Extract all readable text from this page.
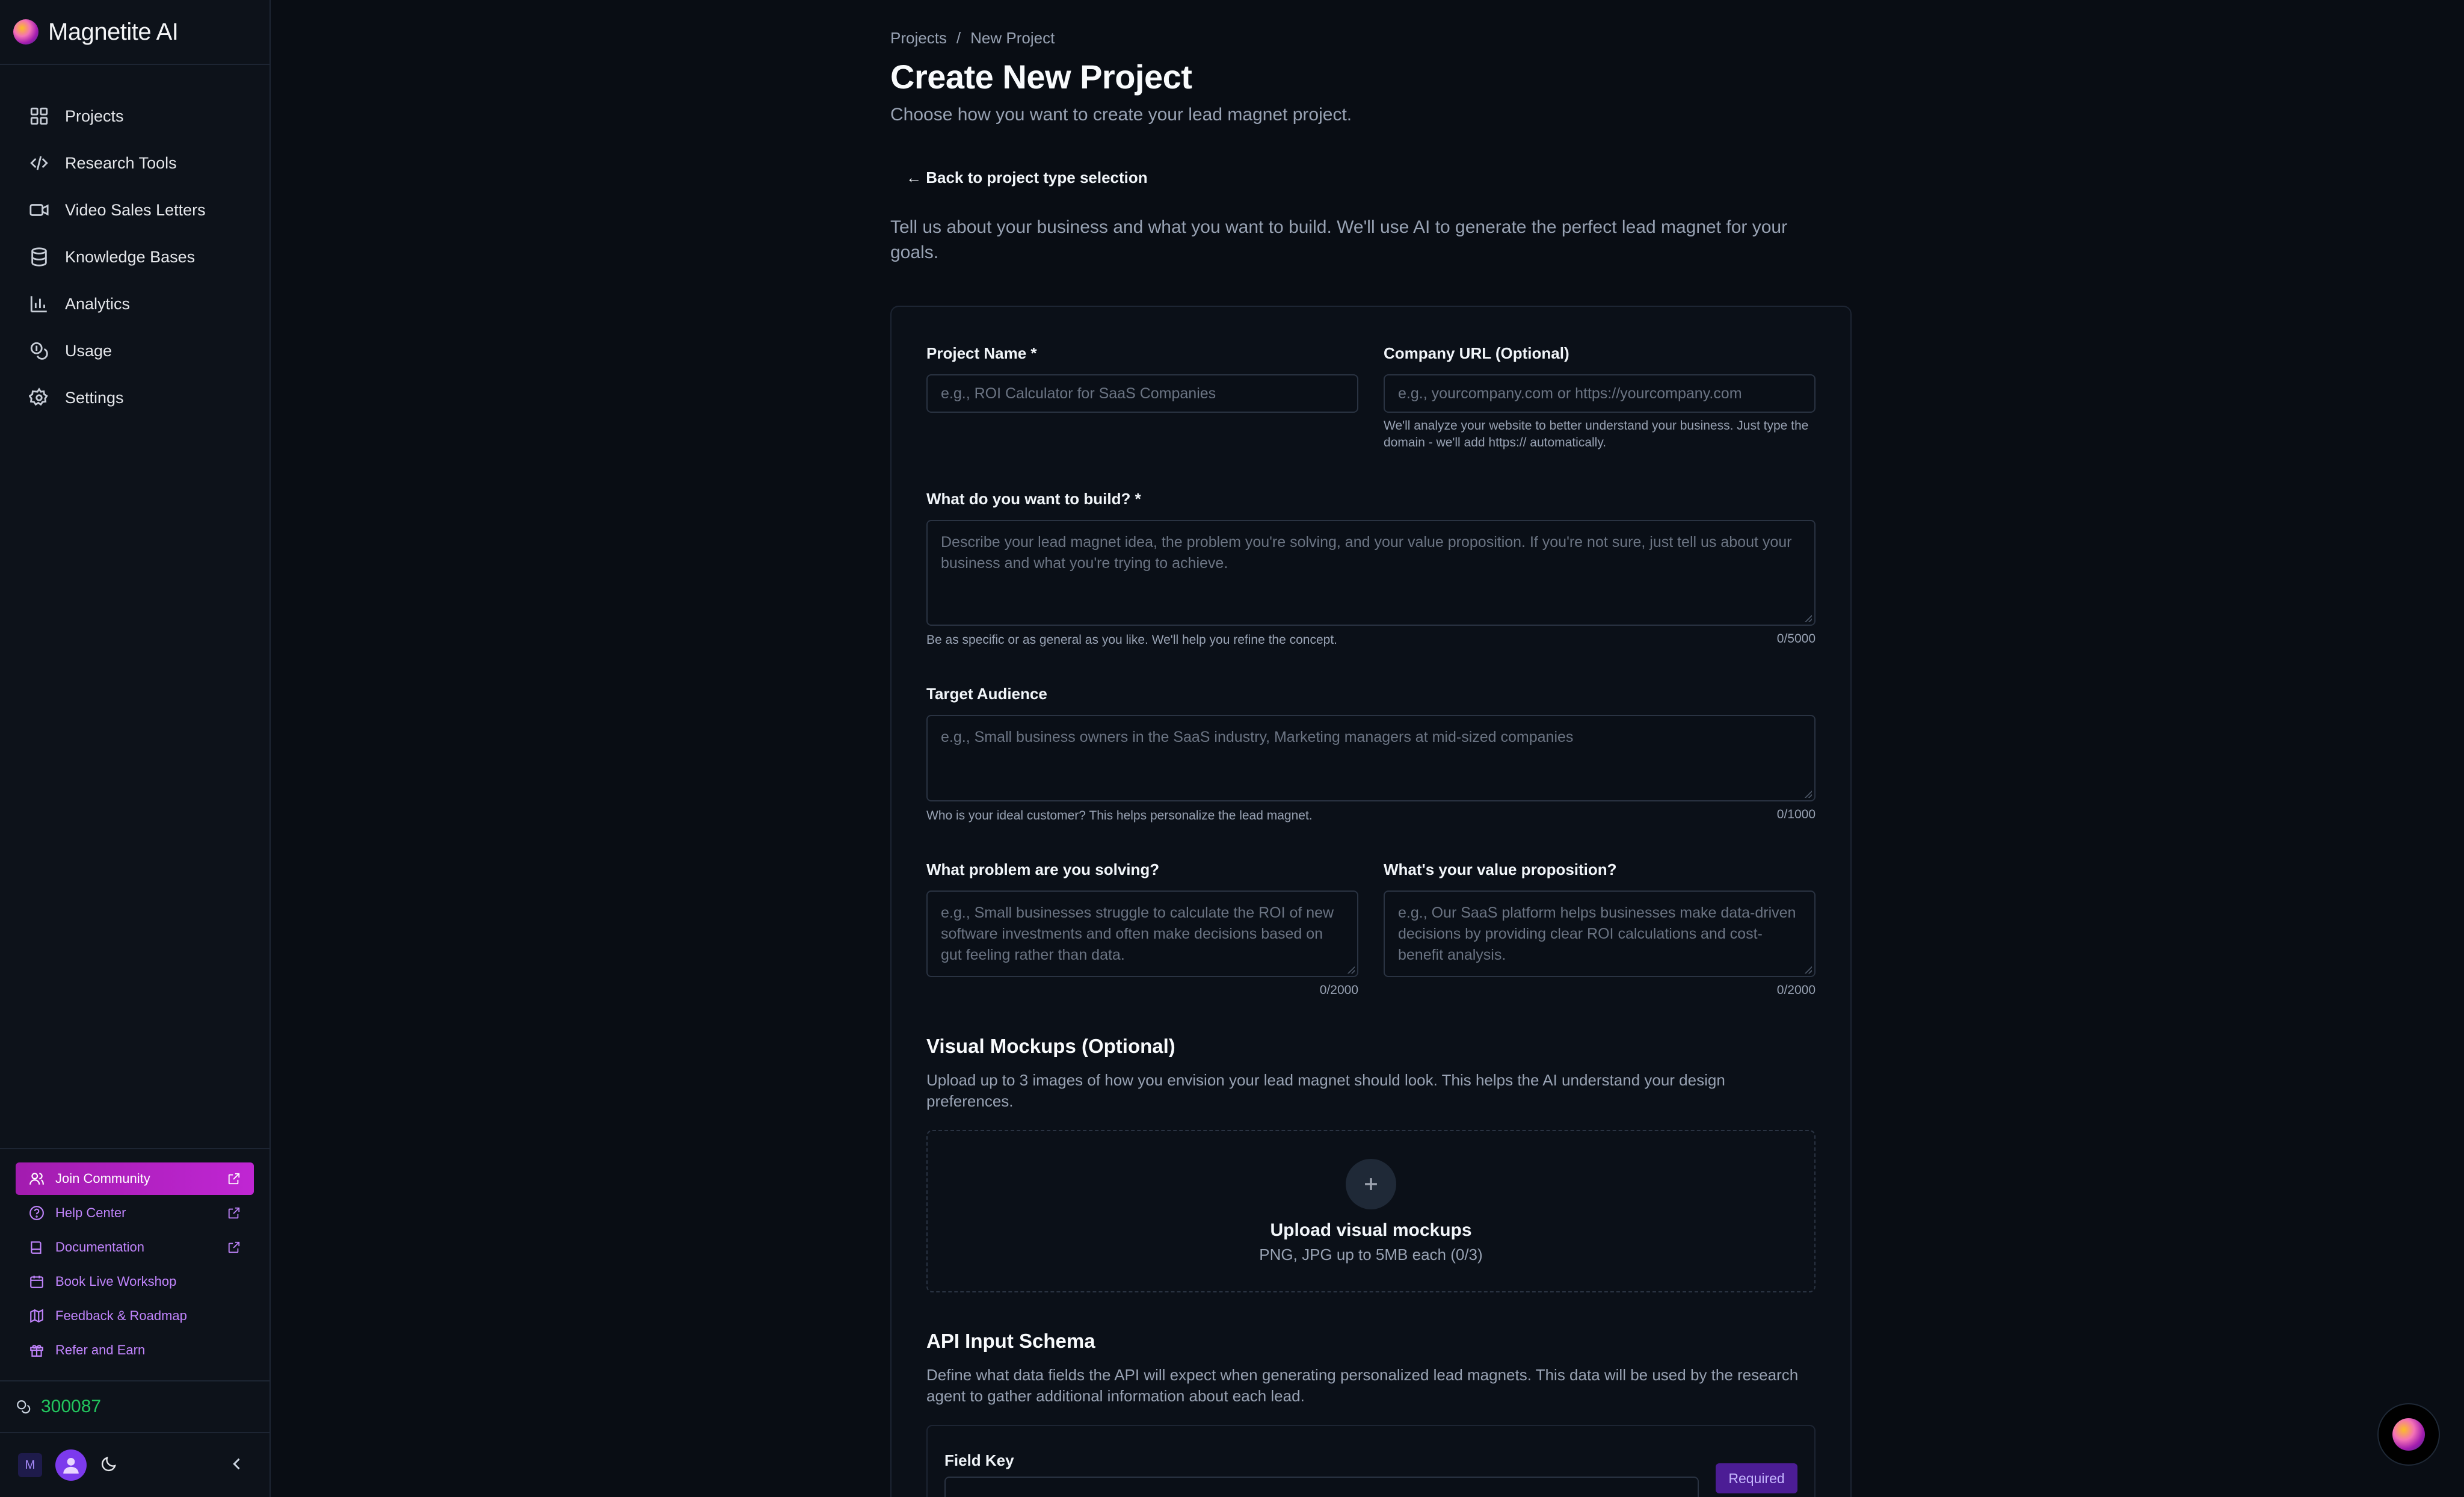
Magnetite AI
Projects
Research Tools
Video Sales Letters
Knowledge Bases
Analytics
Usage
Settings
Join Community
Help Center
Documentation
Book Live Workshop
Feedback & Roadmap
Refer and Earn
300087
M
Projects / New Project
Create New Project

Choose how you want to create your lead magnet project.

← Back to project type selection

Tell us about your business and what you want to build. We'll use AI to generate the perfect lead magnet for your goals.

Project Name *
e.g., ROI Calculator for SaaS Companies
Company URL (Optional)
e.g., yourcompany.com or https://yourcompany.com
We'll analyze your website to better understand your business. Just type the domain - we'll add https:// automatically.
What do you want to build? *
Describe your lead magnet idea, the problem you're solving, and your value proposition. If you're not sure, just tell us about your business and what you're trying to achieve.
Be as specific or as general as you like. We'll help you refine the concept.	0/5000
Target Audience
e.g., Small business owners in the SaaS industry, Marketing managers at mid-sized companies
Who is your ideal customer? This helps personalize the lead magnet.	0/1000
What problem are you solving?
e.g., Small businesses struggle to calculate the ROI of new software investments and often make decisions based on gut feeling rather than data.
0/2000
What's your value proposition?
e.g., Our SaaS platform helps businesses make data-driven decisions by providing clear ROI calculations and cost-benefit analysis.
0/2000
Visual Mockups (Optional)
Upload up to 3 images of how you envision your lead magnet should look. This helps the AI understand your design preferences.
Upload visual mockups
PNG, JPG up to 5MB each (0/3)
API Input Schema
Define what data fields the API will expect when generating personalized lead magnets. This data will be used by the research agent to gather additional information about each lead.
Field Key
Required
